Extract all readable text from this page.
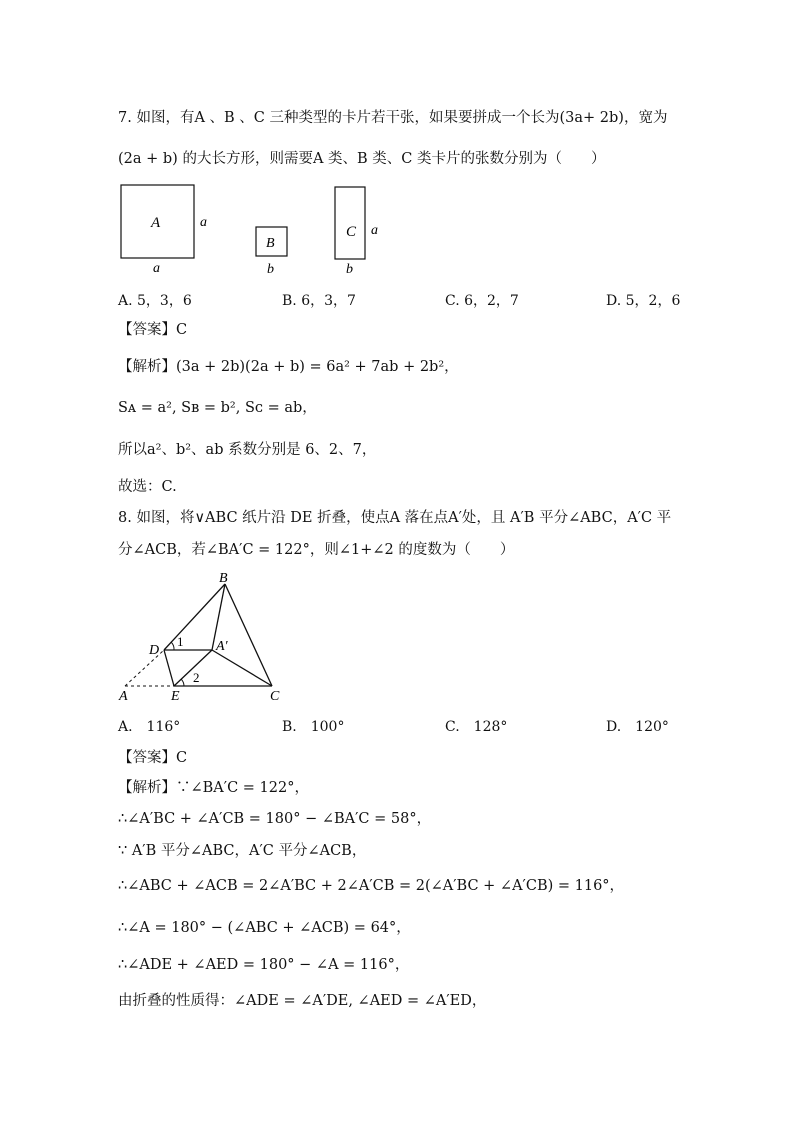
7. 如图，有A 、B 、C 三种类型的卡片若干张，如果要拼成一个长为(3a+ 2b)，宽为
(2a + b) 的大长方形，则需要A 类、B 类、C 类卡片的张数分别为（　　）
A	a
a
B
b
C a
b
A. 5，3，6	B. 6，3，7	C. 6，2，7	D. 5，2，6
【答案】C
【解析】(3a + 2b)(2a + b) = 6a² + 7ab + 2b²，
Sᴀ = a², Sʙ = b², Sᴄ = ab，
所以a²、b²、ab 系数分别是 6、2、7，
故选：C.
8. 如图，将∨ABC 纸片沿 DE 折叠，使点A 落在点A′处，且 A′B 平分∠ABC，A′C 平
分∠ACB，若∠BA′C = 122°，则∠1+∠2 的度数为（　　）
B
D
1 A′
2
A	E	C
A.　116°	B.　100°	C.　128°	D.　120°
【答案】C
【解析】∵∠BA′C = 122°，
∴∠A′BC + ∠A′CB = 180° − ∠BA′C = 58°，
∵ A′B 平分∠ABC，A′C 平分∠ACB，
∴∠ABC + ∠ACB = 2∠A′BC + 2∠A′CB = 2(∠A′BC + ∠A′CB) = 116°，
∴∠A = 180° − (∠ABC + ∠ACB) = 64°，
∴∠ADE + ∠AED = 180° − ∠A = 116°，
由折叠的性质得：∠ADE = ∠A′DE, ∠AED = ∠A′ED，
